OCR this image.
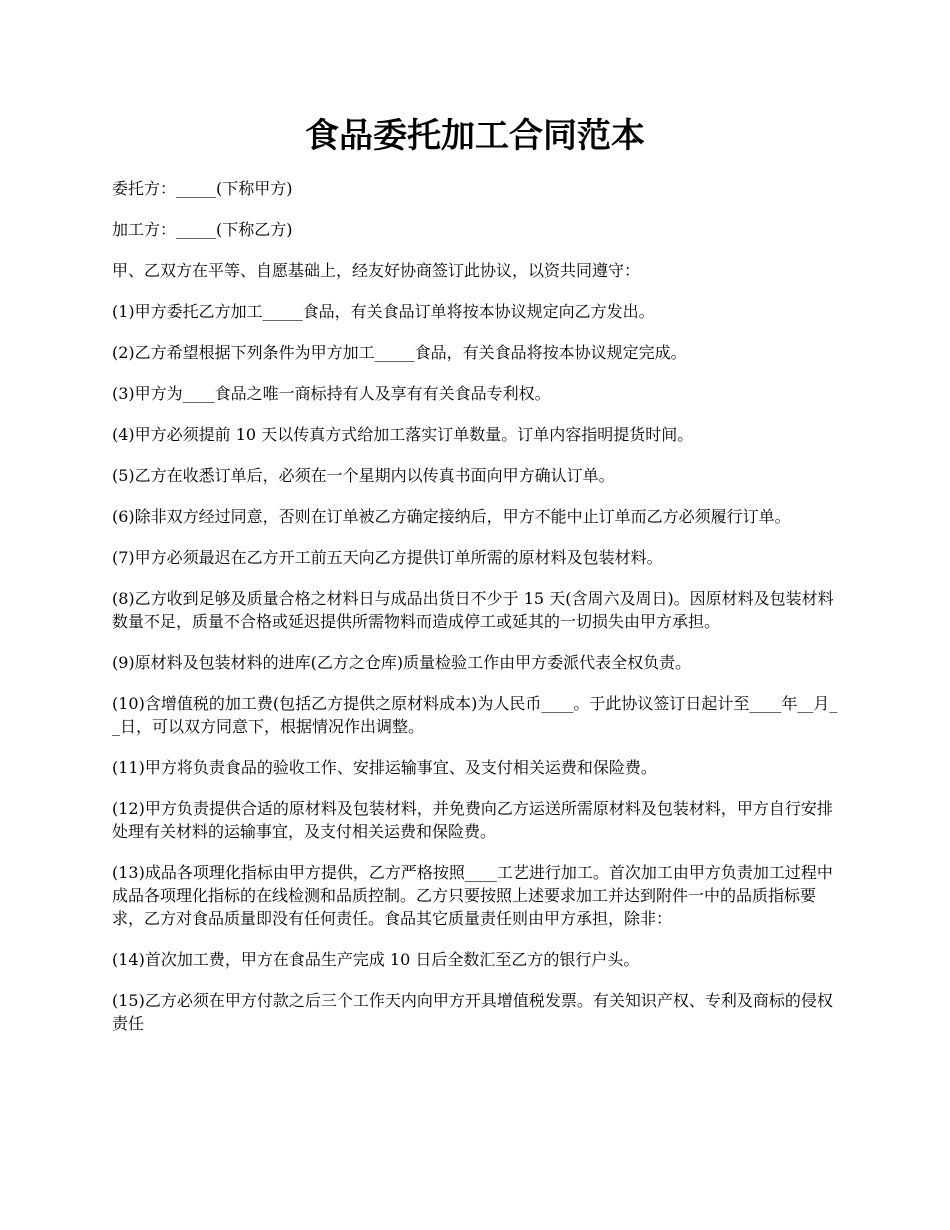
食品委托加工合同范本

委托方：_____(下称甲方)

加工方：_____(下称乙方)

甲、乙双方在平等、自愿基础上，经友好协商签订此协议，以资共同遵守：

(1)甲方委托乙方加工_____食品，有关食品订单将按本协议规定向乙方发出。

(2)乙方希望根据下列条件为甲方加工_____食品，有关食品将按本协议规定完成。

(3)甲方为____食品之唯一商标持有人及享有有关食品专利权。

(4)甲方必须提前 10 天以传真方式给加工落实订单数量。订单内容指明提货时间。

(5)乙方在收悉订单后，必须在一个星期内以传真书面向甲方确认订单。

(6)除非双方经过同意，否则在订单被乙方确定接纳后，甲方不能中止订单而乙方必须履行订单。

(7)甲方必须最迟在乙方开工前五天向乙方提供订单所需的原材料及包装材料。

(8)乙方收到足够及质量合格之材料日与成品出货日不少于 15 天(含周六及周日)。因原材料及包装材料数量不足，质量不合格或延迟提供所需物料而造成停工或延其的一切损失由甲方承担。

(9)原材料及包装材料的进库(乙方之仓库)质量检验工作由甲方委派代表全权负责。

(10)含增值税的加工费(包括乙方提供之原材料成本)为人民币____。于此协议签订日起计至____年__月__日，可以双方同意下，根据情况作出调整。

(11)甲方将负责食品的验收工作、安排运输事宜、及支付相关运费和保险费。

(12)甲方负责提供合适的原材料及包装材料，并免费向乙方运送所需原材料及包装材料，甲方自行安排处理有关材料的运输事宜，及支付相关运费和保险费。

(13)成品各项理化指标由甲方提供，乙方严格按照____工艺进行加工。首次加工由甲方负责加工过程中成品各项理化指标的在线检测和品质控制。乙方只要按照上述要求加工并达到附件一中的品质指标要求，乙方对食品质量即没有任何责任。食品其它质量责任则由甲方承担，除非：

(14)首次加工费，甲方在食品生产完成 10 日后全数汇至乙方的银行户头。

(15)乙方必须在甲方付款之后三个工作天内向甲方开具增值税发票。有关知识产权、专利及商标的侵权责任
